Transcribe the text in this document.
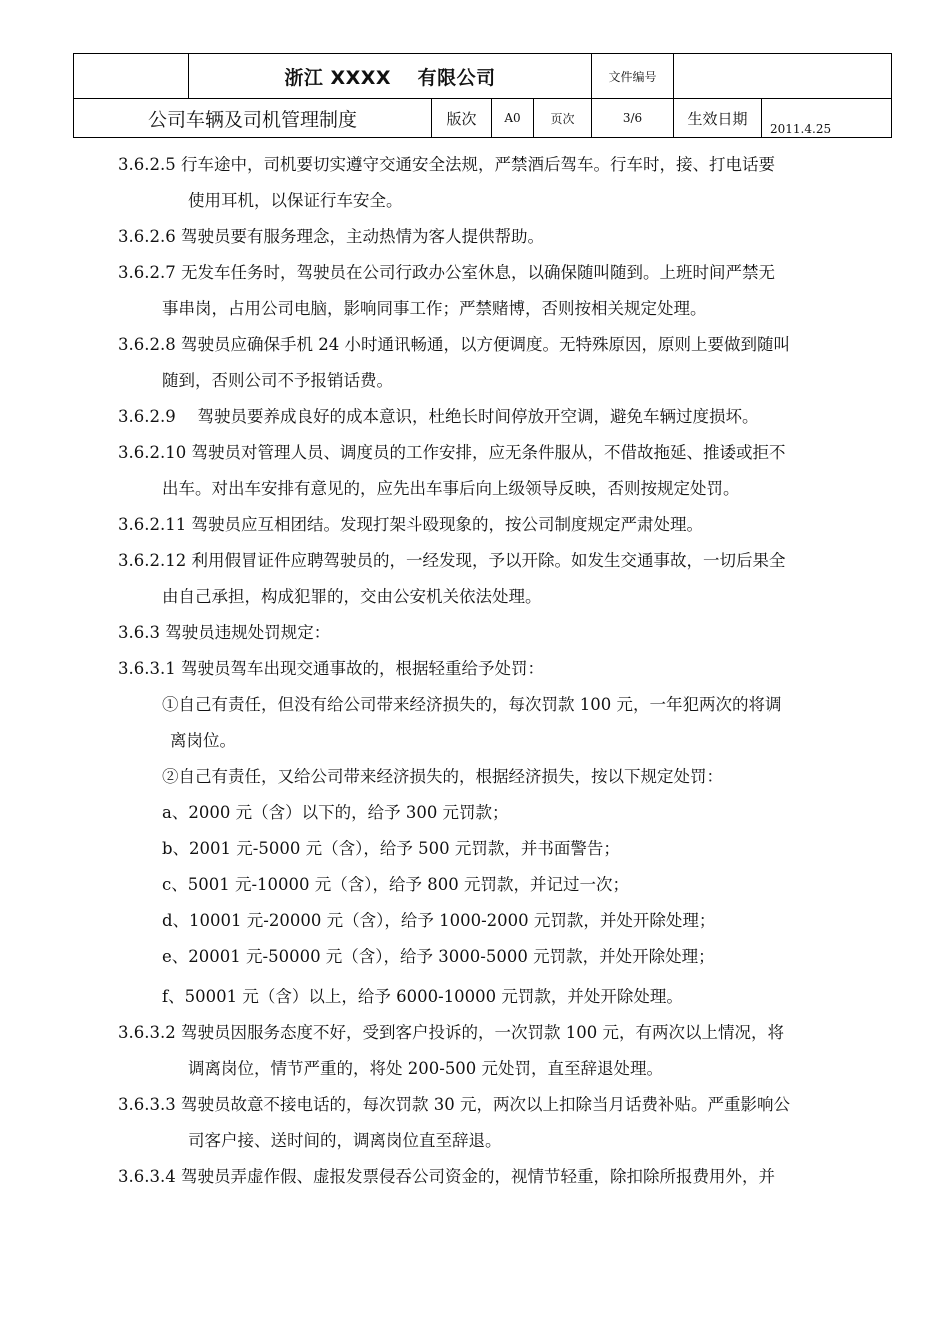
	浙江 XXXX　 有限公司				文件编号		
公司车辆及司机管理制度		版次	A0	页次	3/6	生效日期	2011.4.25

3.6.2.5 行车途中，司机要切实遵守交通安全法规，严禁酒后驾车。行车时，接、打电话要

使用耳机，以保证行车安全。

3.6.2.6 驾驶员要有服务理念，主动热情为客人提供帮助。

3.6.2.7 无发车任务时，驾驶员在公司行政办公室休息，以确保随叫随到。上班时间严禁无

事串岗，占用公司电脑，影响同事工作；严禁赌博，否则按相关规定处理。

3.6.2.8 驾驶员应确保手机 24 小时通讯畅通，以方便调度。无特殊原因，原则上要做到随叫

随到，否则公司不予报销话费。

3.6.2.9　 驾驶员要养成良好的成本意识，杜绝长时间停放开空调，避免车辆过度损坏。

3.6.2.10 驾驶员对管理人员、调度员的工作安排，应无条件服从，不借故拖延、推诿或拒不

出车。对出车安排有意见的，应先出车事后向上级领导反映，否则按规定处罚。

3.6.2.11 驾驶员应互相团结。发现打架斗殴现象的，按公司制度规定严肃处理。

3.6.2.12 利用假冒证件应聘驾驶员的，一经发现，予以开除。如发生交通事故，一切后果全

由自己承担，构成犯罪的，交由公安机关依法处理。

3.6.3 驾驶员违规处罚规定：

3.6.3.1 驾驶员驾车出现交通事故的，根据轻重给予处罚：

①自己有责任，但没有给公司带来经济损失的，每次罚款 100 元，一年犯两次的将调

离岗位。

②自己有责任，又给公司带来经济损失的，根据经济损失，按以下规定处罚：

a、2000 元（含）以下的，给予 300 元罚款；

b、2001 元-5000 元（含），给予 500 元罚款，并书面警告；

c、5001 元-10000 元（含），给予 800 元罚款，并记过一次；

d、10001 元-20000 元（含），给予 1000-2000 元罚款，并处开除处理；

e、20001 元-50000 元（含），给予 3000-5000 元罚款，并处开除处理；

f、50001 元（含）以上，给予 6000-10000 元罚款，并处开除处理。

3.6.3.2 驾驶员因服务态度不好，受到客户投诉的，一次罚款 100 元，有两次以上情况，将

调离岗位，情节严重的，将处 200-500 元处罚，直至辞退处理。

3.6.3.3 驾驶员故意不接电话的，每次罚款 30 元，两次以上扣除当月话费补贴。严重影响公

司客户接、送时间的，调离岗位直至辞退。

3.6.3.4 驾驶员弄虚作假、虚报发票侵吞公司资金的，视情节轻重，除扣除所报费用外，并
